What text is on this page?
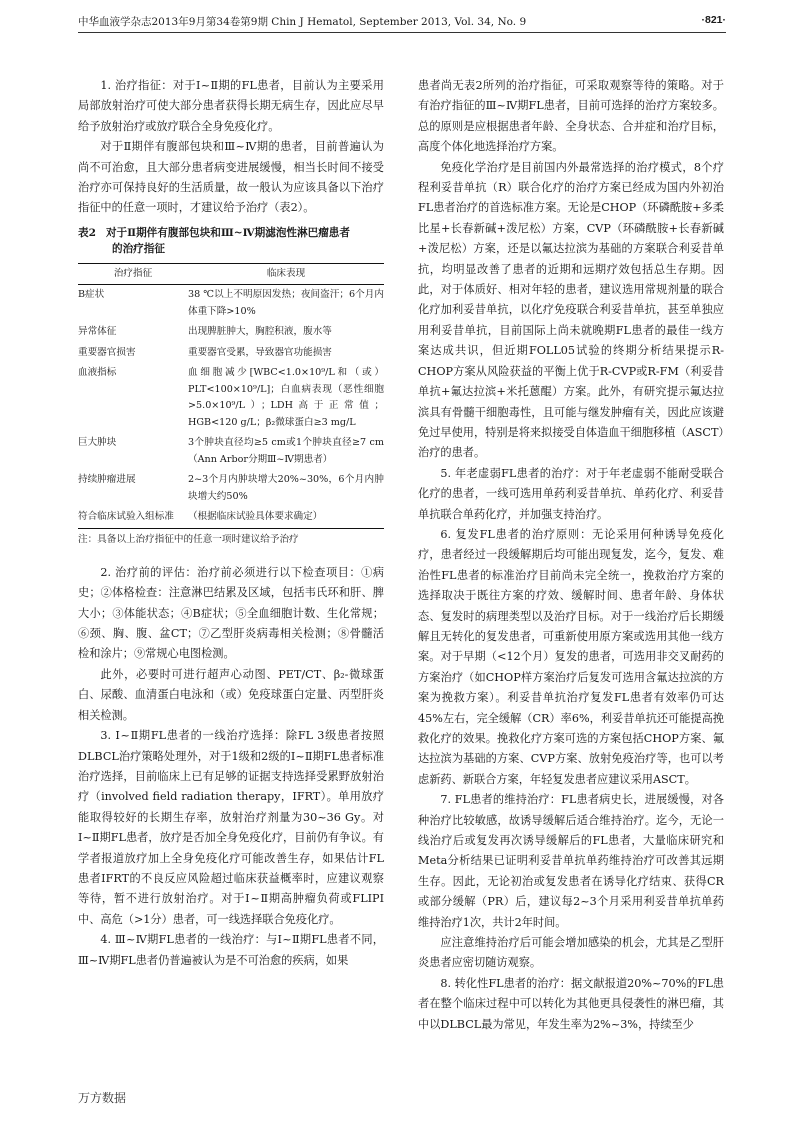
中华血液学杂志2013年9月第34卷第9期 Chin J Hematol, September 2013, Vol. 34, No. 9	·821·

1. 治疗指征：对于Ⅰ~Ⅱ期的FL患者，目前认为主要采用局部放射治疗可使大部分患者获得长期无病生存，因此应尽早给予放射治疗或放疗联合全身免疫化疗。

对于Ⅱ期伴有腹部包块和Ⅲ~Ⅳ期的患者，目前普遍认为尚不可治愈，且大部分患者病变进展缓慢，相当长时间不接受治疗亦可保持良好的生活质量，故一般认为应该具备以下治疗指征中的任意一项时，才建议给予治疗（表2）。

表2 对于Ⅱ期伴有腹部包块和Ⅲ~Ⅳ期滤泡性淋巴瘤患者
的治疗指征
治疗指征	临床表现
B症状	38 ℃以上不明原因发热；夜间盗汗；6个月内体重下降>10%
异常体征	出现脾脏肿大，胸腔积液，腹水等
重要器官损害	重要器官受累，导致器官功能损害
血液指标	血细胞减少[WBC<1.0×10⁹/L和（或）PLT<100×10⁹/L]；白血病表现（恶性细胞>5.0×10⁹/L）；LDH高于正常值；HGB<120 g/L；β₂微球蛋白≥3 mg/L
巨大肿块	3个肿块直径均≥5 cm或1个肿块直径≥7 cm（Ann Arbor分期Ⅲ~Ⅳ期患者）
持续肿瘤进展	2~3个月内肿块增大20%~30%，6个月内肿块增大约50%
符合临床试验入组标准	（根据临床试验具体要求确定）
注：具备以上治疗指征中的任意一项时建议给予治疗

2. 治疗前的评估：治疗前必须进行以下检查项目：①病史；②体格检查：注意淋巴结累及区域，包括韦氏环和肝、脾大小；③体能状态；④B症状；⑤全血细胞计数、生化常规；⑥颈、胸、腹、盆CT；⑦乙型肝炎病毒相关检测；⑧骨髓活检和涂片；⑨常规心电图检测。

此外，必要时可进行超声心动图、PET/CT、β₂-微球蛋白、尿酸、血清蛋白电泳和（或）免疫球蛋白定量、丙型肝炎相关检测。

3. Ⅰ~Ⅱ期FL患者的一线治疗选择：除FL 3级患者按照DLBCL治疗策略处理外，对于1级和2级的Ⅰ~Ⅱ期FL患者标准治疗选择，目前临床上已有足够的证据支持选择受累野放射治疗（involved field radiation therapy，IFRT）。单用放疗能取得较好的长期生存率，放射治疗剂量为30~36 Gy。对Ⅰ~Ⅱ期FL患者，放疗是否加全身免疫化疗，目前仍有争议。有学者报道放疗加上全身免疫化疗可能改善生存，如果估计FL患者IFRT的不良反应风险超过临床获益概率时，应建议观察等待，暂不进行放射治疗。对于Ⅰ~Ⅱ期高肿瘤负荷或FLIPI中、高危（>1分）患者，可一线选择联合免疫化疗。

4. Ⅲ~Ⅳ期FL患者的一线治疗：与Ⅰ~Ⅱ期FL患者不同，Ⅲ~Ⅳ期FL患者仍普遍被认为是不可治愈的疾病，如果

患者尚无表2所列的治疗指征，可采取观察等待的策略。对于有治疗指征的Ⅲ~Ⅳ期FL患者，目前可选择的治疗方案较多。总的原则是应根据患者年龄、全身状态、合并症和治疗目标，高度个体化地选择治疗方案。

免疫化学治疗是目前国内外最常选择的治疗模式，8个疗程利妥昔单抗（R）联合化疗的治疗方案已经成为国内外初治FL患者治疗的首选标准方案。无论是CHOP（环磷酰胺+多柔比星+长春新碱+泼尼松）方案，CVP（环磷酰胺+长春新碱+泼尼松）方案，还是以氟达拉滨为基础的方案联合利妥昔单抗，均明显改善了患者的近期和远期疗效包括总生存期。因此，对于体质好、相对年轻的患者，建议选用常规剂量的联合化疗加利妥昔单抗，以化疗免疫联合利妥昔单抗，甚至单独应用利妥昔单抗，目前国际上尚未就晚期FL患者的最佳一线方案达成共识，但近期FOLL05试验的终期分析结果提示R-CHOP方案从风险获益的平衡上优于R-CVP或R-FM（利妥昔单抗+氟达拉滨+米托蒽醌）方案。此外，有研究提示氟达拉滨具有骨髓干细胞毒性，且可能与继发肿瘤有关，因此应该避免过早使用，特别是将来拟接受自体造血干细胞移植（ASCT）治疗的患者。

5. 年老虚弱FL患者的治疗：对于年老虚弱不能耐受联合化疗的患者，一线可选用单药利妥昔单抗、单药化疗、利妥昔单抗联合单药化疗，并加强支持治疗。

6. 复发FL患者的治疗原则：无论采用何种诱导免疫化疗，患者经过一段缓解期后均可能出现复发，迄今，复发、难治性FL患者的标准治疗目前尚未完全统一，挽救治疗方案的选择取决于既往方案的疗效、缓解时间、患者年龄、身体状态、复发时的病理类型以及治疗目标。对于一线治疗后长期缓解且无转化的复发患者，可重新使用原方案或选用其他一线方案。对于早期（<12个月）复发的患者，可选用非交叉耐药的方案治疗（如CHOP样方案治疗后复发可选用含氟达拉滨的方案为挽救方案）。利妥昔单抗治疗复发FL患者有效率仍可达45%左右，完全缓解（CR）率6%，利妥昔单抗还可能提高挽救化疗的效果。挽救化疗方案可选的方案包括CHOP方案、氟达拉滨为基础的方案、CVP方案、放射免疫治疗等，也可以考虑新药、新联合方案，年轻复发患者应建议采用ASCT。

7. FL患者的维持治疗：FL患者病史长，进展缓慢，对各种治疗比较敏感，故诱导缓解后适合维持治疗。迄今，无论一线治疗后或复发再次诱导缓解后的FL患者，大量临床研究和Meta分析结果已证明利妥昔单抗单药维持治疗可改善其远期生存。因此，无论初治或复发患者在诱导化疗结束、获得CR或部分缓解（PR）后，建议每2~3个月采用利妥昔单抗单药维持治疗1次，共计2年时间。

应注意维持治疗后可能会增加感染的机会，尤其是乙型肝炎患者应密切随访观察。

8. 转化性FL患者的治疗：据文献报道20%~70%的FL患者在整个临床过程中可以转化为其他更具侵袭性的淋巴瘤，其中以DLBCL最为常见，年发生率为2%~3%，持续至少

万方数据
